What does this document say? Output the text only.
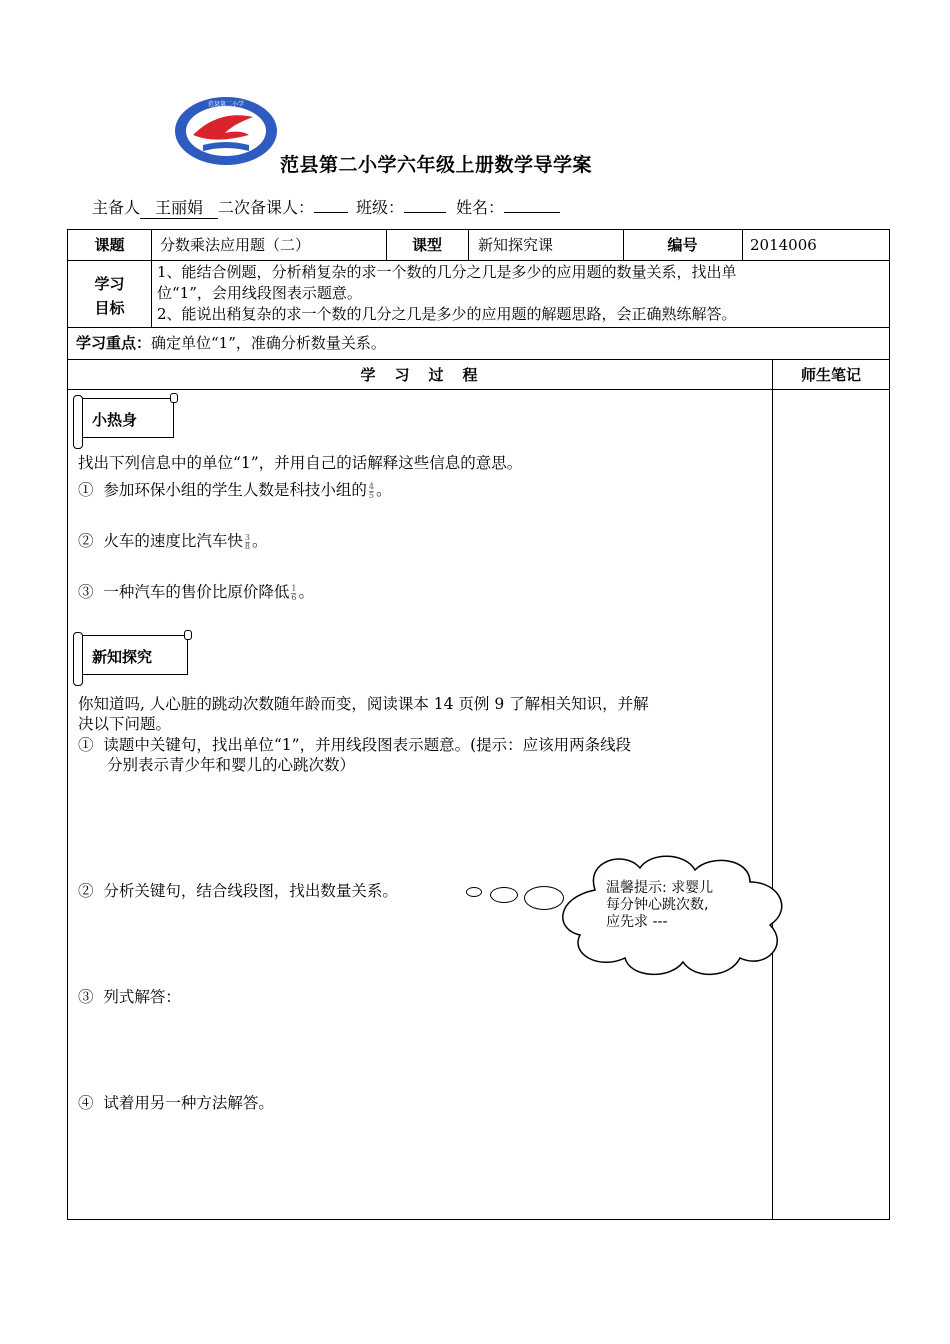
范县第二小学
范县第二小学六年级上册数学导学案
主备人 王丽娟 二次备课人：	班级：	姓名：
课题	分数乘法应用题（二）	课型	新知探究课	编号	2014006
学习
目标
1、能结合例题，分析稍复杂的求一个数的几分之几是多少的应用题的数量关系，找出单
位“1”，会用线段图表示题意。
2、能说出稍复杂的求一个数的几分之几是多少的应用题的解题思路，会正确熟练解答。
学习重点：确定单位“1”，准确分析数量关系。
学　习　过　程	师生笔记
小热身
找出下列信息中的单位“1”，并用自己的话解释这些信息的意思。
① 参加环保小组的学生人数是科技小组的 $\frac{4}{5}$ 。
② 火车的速度比汽车快 $\frac{3}{8}$ 。
③ 一种汽车的售价比原价降低 $\frac{1}{6}$ 。
新知探究
你知道吗, 人心脏的跳动次数随年龄而变，阅读课本 14 页例 9 了解相关知识，并解
决以下问题。
① 读题中关键句，找出单位“1”，并用线段图表示题意。(提示：应该用两条线段
分别表示青少年和婴儿的心跳次数）
② 分析关键句，结合线段图，找出数量关系。	温馨提示: 求婴儿
每分钟心跳次数,
应先求 ---
③ 列式解答：
④ 试着用另一种方法解答。
